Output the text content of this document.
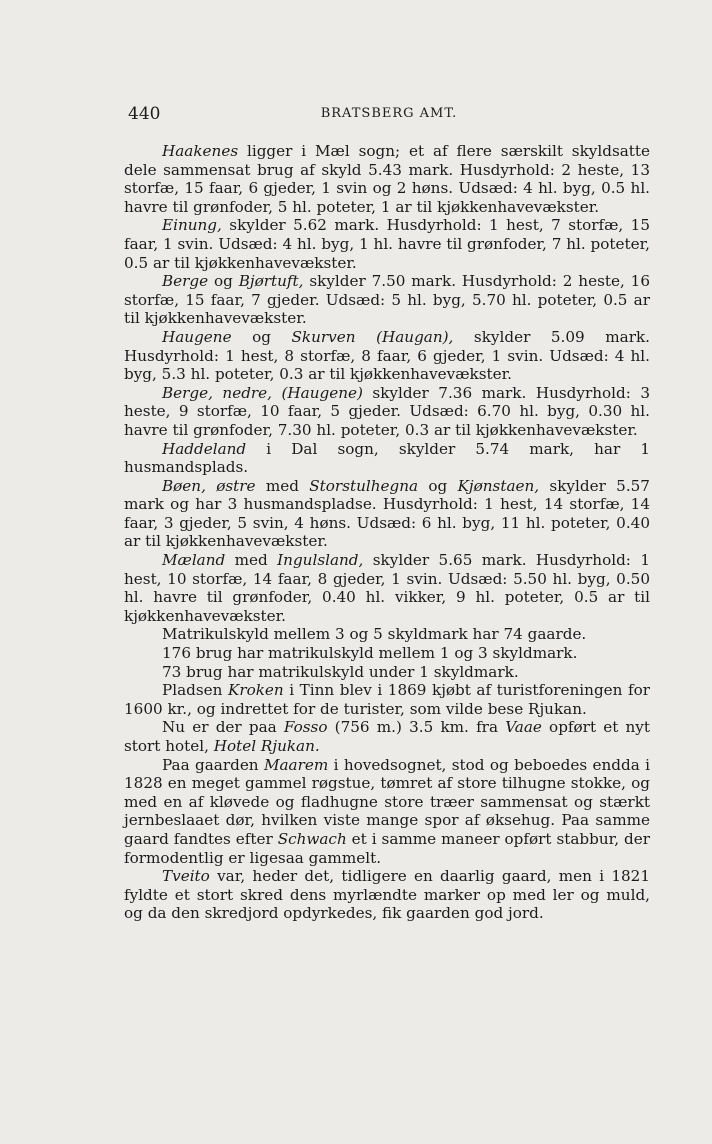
440	BRATSBERG AMT.

Haakenes ligger i Mæl sogn; et af flere særskilt skyldsatte dele sammensat brug af skyld 5.43 mark. Husdyrhold: 2 heste, 13 storfæ, 15 faar, 6 gjeder, 1 svin og 2 høns. Udsæd: 4 hl. byg, 0.5 hl. havre til grønfoder, 5 hl. poteter, 1 ar til kjøkkenhavevækster.

Einung, skylder 5.62 mark. Husdyrhold: 1 hest, 7 storfæ, 15 faar, 1 svin. Udsæd: 4 hl. byg, 1 hl. havre til grønfoder, 7 hl. poteter, 0.5 ar til kjøkkenhavevækster.

Berge og Bjørtuft, skylder 7.50 mark. Husdyrhold: 2 heste, 16 storfæ, 15 faar, 7 gjeder. Udsæd: 5 hl. byg, 5.70 hl. poteter, 0.5 ar til kjøkkenhavevækster.

Haugene og Skurven (Haugan), skylder 5.09 mark. Husdyrhold: 1 hest, 8 storfæ, 8 faar, 6 gjeder, 1 svin. Udsæd: 4 hl. byg, 5.3 hl. poteter, 0.3 ar til kjøkkenhavevækster.

Berge, nedre, (Haugene) skylder 7.36 mark. Husdyrhold: 3 heste, 9 storfæ, 10 faar, 5 gjeder. Udsæd: 6.70 hl. byg, 0.30 hl. havre til grønfoder, 7.30 hl. poteter, 0.3 ar til kjøkkenhavevækster.

Haddeland i Dal sogn, skylder 5.74 mark, har 1 husmandsplads.

Bøen, østre med Storstulhegna og Kjønstaen, skylder 5.57 mark og har 3 husmandspladse. Husdyrhold: 1 hest, 14 storfæ, 14 faar, 3 gjeder, 5 svin, 4 høns. Udsæd: 6 hl. byg, 11 hl. poteter, 0.40 ar til kjøkkenhavevækster.

Mæland med Ingulsland, skylder 5.65 mark. Husdyrhold: 1 hest, 10 storfæ, 14 faar, 8 gjeder, 1 svin. Udsæd: 5.50 hl. byg, 0.50 hl. havre til grønfoder, 0.40 hl. vikker, 9 hl. poteter, 0.5 ar til kjøkkenhavevækster.

Matrikulskyld mellem 3 og 5 skyldmark har 74 gaarde.

176 brug har matrikulskyld mellem 1 og 3 skyldmark.

73 brug har matrikulskyld under 1 skyldmark.

Pladsen Kroken i Tinn blev i 1869 kjøbt af turistforeningen for 1600 kr., og indrettet for de turister, som vilde bese Rjukan.

Nu er der paa Fosso (756 m.) 3.5 km. fra Vaae opført et nyt stort hotel, Hotel Rjukan.

Paa gaarden Maarem i hovedsognet, stod og beboedes endda i 1828 en meget gammel røgstue, tømret af store tilhugne stokke, og med en af kløvede og fladhugne store træer sammensat og stærkt jernbeslaaet dør, hvilken viste mange spor af øksehug. Paa samme gaard fandtes efter Schwach et i samme maneer opført stabbur, der formodentlig er ligesaa gammelt.

Tveito var, heder det, tidligere en daarlig gaard, men i 1821 fyldte et stort skred dens myrlændte marker op med ler og muld, og da den skredjord opdyrkedes, fik gaarden god jord.
